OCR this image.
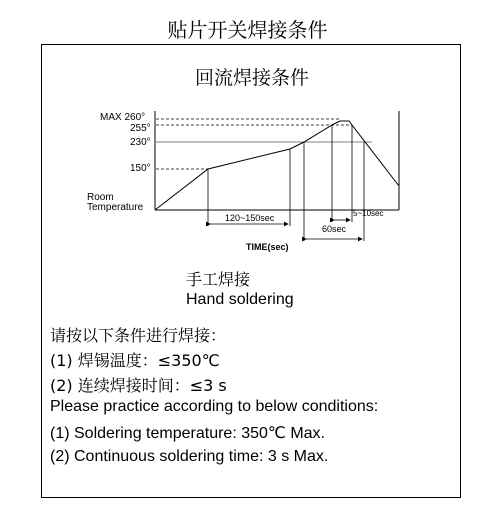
贴片开关焊接条件
回流焊接条件
MAX 260°
255°
230°
150°
Room
Temperature
120~150sec	5~10sec
60sec
TIME(sec)
手工焊接
Hand soldering
请按以下条件进行焊接：
(1) 焊锡温度：≤350℃
(2) 连续焊接时间：≤3 s
Please practice according to below conditions:
(1) Soldering temperature: 350℃ Max.
(2) Continuous soldering time: 3 s Max.
